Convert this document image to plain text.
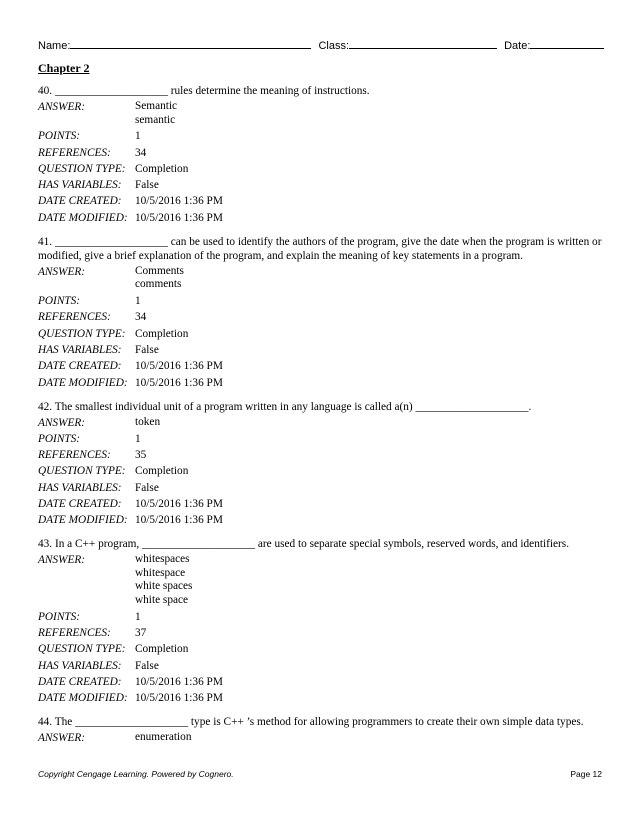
Name:	Class:	Date:
Chapter 2
40. ____________________ rules determine the meaning of instructions.
ANSWER:	Semantic
semantic
POINTS:	1
REFERENCES:	34
QUESTION TYPE: Completion
HAS VARIABLES:	False
DATE CREATED:	10/5/2016 1:36 PM
DATE MODIFIED: 10/5/2016 1:36 PM
41. ____________________ can be used to identify the authors of the program, give the date when the program is written or modified, give a brief explanation of the program, and explain the meaning of key statements in a program.
ANSWER:	Comments
comments
POINTS:	1
REFERENCES:	34
QUESTION TYPE: Completion
HAS VARIABLES:	False
DATE CREATED:	10/5/2016 1:36 PM
DATE MODIFIED: 10/5/2016 1:36 PM
42. The smallest individual unit of a program written in any language is called a(n) ____________________.
ANSWER:	token
POINTS:	1
REFERENCES:	35
QUESTION TYPE: Completion
HAS VARIABLES:	False
DATE CREATED:	10/5/2016 1:36 PM
DATE MODIFIED: 10/5/2016 1:36 PM
43. In a C++ program, ____________________ are used to separate special symbols, reserved words, and identifiers.
ANSWER:	whitespaces
whitespace
white spaces
white space
POINTS:	1
REFERENCES:	37
QUESTION TYPE: Completion
HAS VARIABLES:	False
DATE CREATED:	10/5/2016 1:36 PM
DATE MODIFIED: 10/5/2016 1:36 PM
44. The ____________________ type is C++ ’s method for allowing programmers to create their own simple data types.
ANSWER:	enumeration
Copyright Cengage Learning. Powered by Cognero.	Page 12
